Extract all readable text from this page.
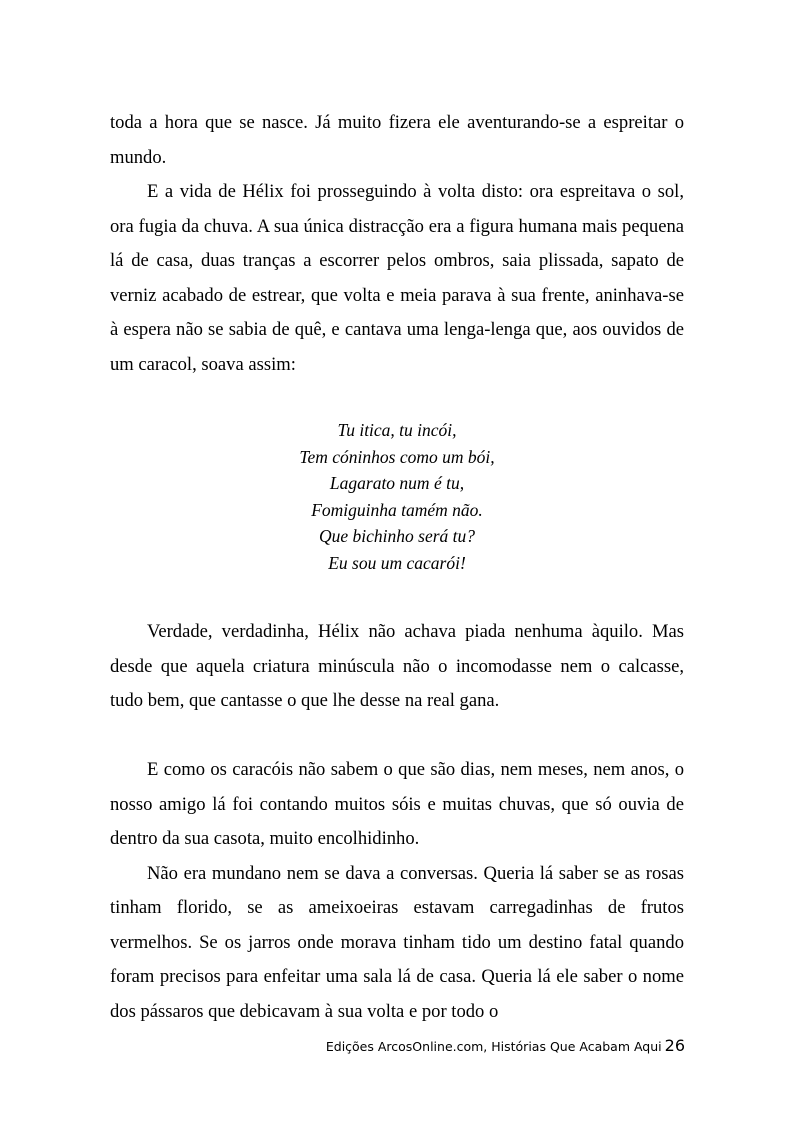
toda a hora que se nasce. Já muito fizera ele aventurando-se a espreitar o mundo.

E a vida de Hélix foi prosseguindo à volta disto: ora espreitava o sol, ora fugia da chuva. A sua única distracção era a figura humana mais pequena lá de casa, duas tranças a escorrer pelos ombros, saia plissada, sapato de verniz acabado de estrear, que volta e meia parava à sua frente, aninhava-se à espera não se sabia de quê, e cantava uma lenga-lenga que, aos ouvidos de um caracol, soava assim:

Tu itica, tu incói,
Tem cóninhos como um bói,
Lagarato num é tu,
Fomiguinha tamém não.
Que bichinho será tu?
Eu sou um cacarói!

Verdade, verdadinha, Hélix não achava piada nenhuma àquilo. Mas desde que aquela criatura minúscula não o incomodasse nem o calcasse, tudo bem, que cantasse o que lhe desse na real gana.

E como os caracóis não sabem o que são dias, nem meses, nem anos, o nosso amigo lá foi contando muitos sóis e muitas chuvas, que só ouvia de dentro da sua casota, muito encolhidinho.

Não era mundano nem se dava a conversas. Queria lá saber se as rosas tinham florido, se as ameixoeiras estavam carregadinhas de frutos vermelhos. Se os jarros onde morava tinham tido um destino fatal quando foram precisos para enfeitar uma sala lá de casa. Queria lá ele saber o nome dos pássaros que debicavam à sua volta e por todo o

Edições ArcosOnline.com, Histórias Que Acabam Aqui 26
